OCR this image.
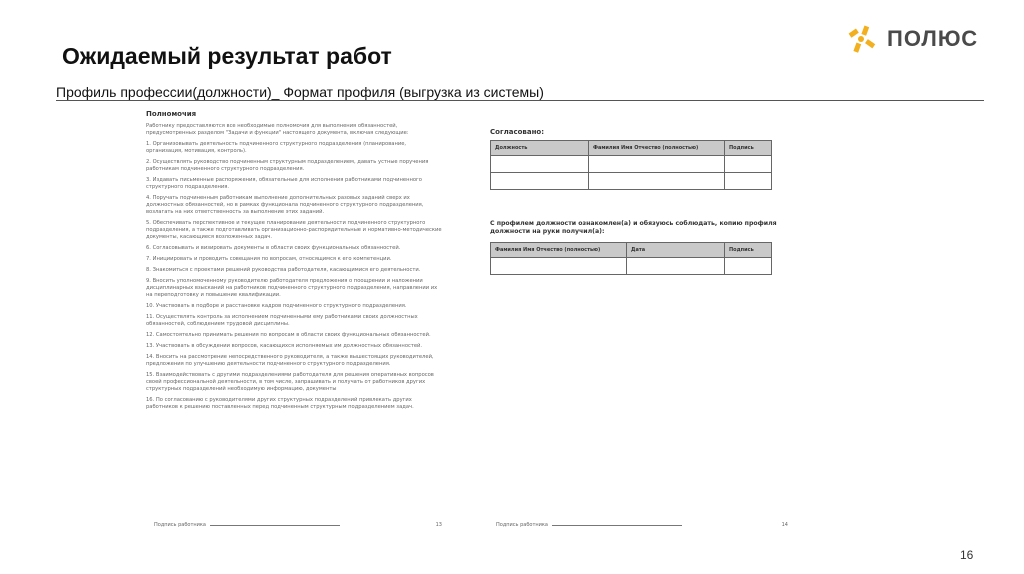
Ожидаемый результат работ
ПОЛЮС
Профиль профессии(должности)_ Формат профиля (выгрузка из системы)
Полномочия
Работнику предоставляются все необходимые полномочия для выполнения обязанностей, предусмотренных разделом "Задачи и функции" настоящего документа, включая следующие:
1. Организовывать деятельность подчиненного структурного подразделения (планирование, организация, мотивация, контроль).
2. Осуществлять руководство подчиненным структурным подразделением, давать устные поручения работникам подчиненного структурного подразделения.
3. Издавать письменные распоряжения, обязательные для исполнения работниками подчиненного структурного подразделения.
4. Поручать подчиненным работникам выполнение дополнительных разовых заданий сверх их должностных обязанностей, но в рамках функционала подчиненного структурного подразделения, возлагать на них ответственность за выполнение этих заданий.
5. Обеспечивать перспективное и текущее планирование деятельности подчиненного структурного подразделения, а также подготавливать организационно-распорядительные и нормативно-методические документы, касающиеся возложенных задач.
6. Согласовывать и визировать документы в области своих функциональных обязанностей.
7. Инициировать и проводить совещания по вопросам, относящимся к его компетенции.
8. Знакомиться с проектами решений руководства работодателя, касающимися его деятельности.
9. Вносить уполномоченному руководителю работодателя предложения о поощрении и наложении дисциплинарных взысканий на работников подчиненного структурного подразделения, направлении их на переподготовку и повышение квалификации.
10. Участвовать в подборе и расстановке кадров подчиненного структурного подразделения.
11. Осуществлять контроль за исполнением подчиненными ему работниками своих должностных обязанностей, соблюдением трудовой дисциплины.
12. Самостоятельно принимать решения по вопросам в области своих функциональных обязанностей.
13. Участвовать в обсуждении вопросов, касающихся исполняемых им должностных обязанностей.
14. Вносить на рассмотрение непосредственного руководителя, а также вышестоящих руководителей, предложения по улучшению деятельности подчиненного структурного подразделения.
15. Взаимодействовать с другими подразделениями работодателя для решения оперативных вопросов своей профессиональной деятельности, в том числе, запрашивать и получать от работников других структурных подразделений необходимую информацию, документы
16. По согласованию с руководителями других структурных подразделений привлекать других работников к решению поставленных перед подчиненным структурным подразделением задач.
Подпись работника	13
Согласовано:
Должность	Фамилия Имя Отчество (полностью)	Подпись

С профилем должности ознакомлен(а) и обязуюсь соблюдать, копию профиля должности на руки получил(а):
Фамилия Имя Отчество (полностью)	Дата	Подпись

Подпись работника	14
16
